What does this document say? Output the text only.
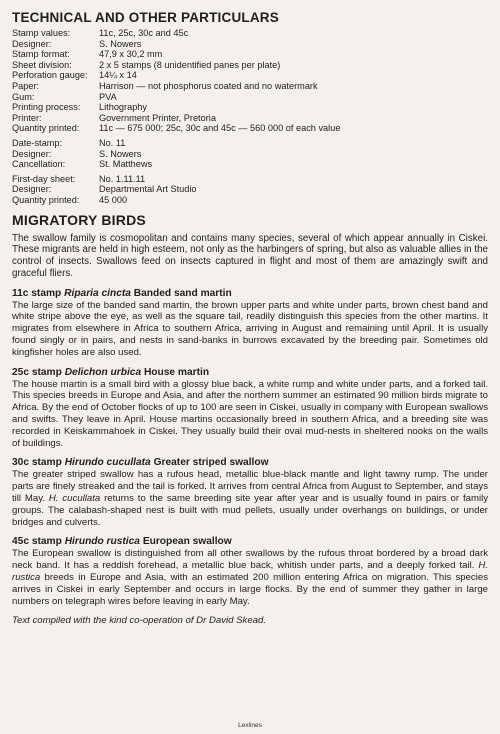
TECHNICAL AND OTHER PARTICULARS
Stamp values:	11c, 25c, 30c and 45c
Designer:	S. Nowers
Stamp format:	47,9 x 30,2 mm
Sheet division:	2 x 5 stamps (8 unidentified panes per plate)
Perforation gauge:	14¼ x 14
Paper:	Harrison — not phosphorus coated and no watermark
Gum:	PVA
Printing process:	Lithography
Printer:	Government Printer, Pretoria
Quantity printed:	11c — 675 000; 25c, 30c and 45c — 560 000 of each value

Date-stamp:	No. 11
Designer:	S. Nowers
Cancellation:	St. Matthews

First-day sheet:	No. 1.11.11
Designer:	Departmental Art Studio
Quantity printed:	45 000
MIGRATORY BIRDS

The swallow family is cosmopolitan and contains many species, several of which appear annually in Ciskei. These migrants are held in high esteem, not only as the harbingers of spring, but also as valuable allies in the control of insects. Swallows feed on insects captured in flight and most of them are amazingly swift and graceful fliers.

11c stamp Riparia cincta Banded sand martin

The large size of the banded sand martin, the brown upper parts and white under parts, brown chest band and white stripe above the eye, as well as the square tail, readily distinguish this species from the other martins. It migrates from elsewhere in Africa to southern Africa, arriving in August and remaining until April. It is usually found singly or in pairs, and nests in sand-banks in burrows excavated by the breeding pair. Sometimes old kingfisher holes are also used.

25c stamp Delichon urbica House martin

The house martin is a small bird with a glossy blue back, a white rump and white under parts, and a forked tail. This species breeds in Europe and Asia, and after the northern summer an estimated 90 million birds migrate to Africa. By the end of October flocks of up to 100 are seen in Ciskei, usually in company with European swallows and swifts. They leave in April. House martins occasionally breed in southern Africa, and a breeding site was recorded in Keiskammahoek in Ciskei. They usually build their oval mud-nests in sheltered nooks on the walls of buildings.

30c stamp Hirundo cucullata Greater striped swallow

The greater striped swallow has a rufous head, metallic blue-black mantle and light tawny rump. The under parts are finely streaked and the tail is forked. It arrives from central Africa from August to September, and stays till May. H. cucullata returns to the same breeding site year after year and is usually found in pairs or family groups. The calabash-shaped nest is built with mud pellets, usually under overhangs on buildings, or under bridges and culverts.

45c stamp Hirundo rustica European swallow

The European swallow is distinguished from all other swallows by the rufous throat bordered by a broad dark neck band. It has a reddish forehead, a metallic blue back, whitish under parts, and a deeply forked tail. H. rustica breeds in Europe and Asia, with an estimated 200 million entering Africa on migration. This species arrives in Ciskei in early September and occurs in large flocks. By the end of summer they gather in large numbers on telegraph wires before leaving in early May.

Text compiled with the kind co-operation of Dr David Skead.

Lexlines
